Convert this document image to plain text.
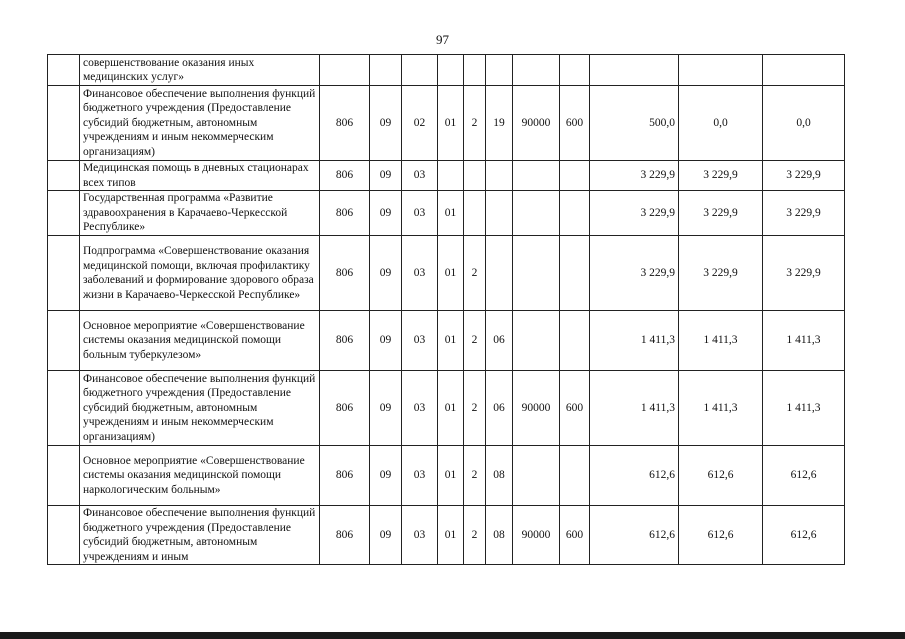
97
	совершенствование оказания иных медицинских услуг»											
	Финансовое обеспечение выполнения функций бюджетного учреждения (Предоставление субсидий бюджетным, автономным учреждениям и иным некоммерческим организациям)	806	09	02	01	2	19	90000	600	500,0	0,0	0,0
	Медицинская помощь в дневных стационарах всех типов	806	09	03						3 229,9	3 229,9	3 229,9
	Государственная программа «Развитие здравоохранения в Карачаево-Черкесской Республике»	806	09	03	01					3 229,9	3 229,9	3 229,9
	Подпрограмма «Совершенствование оказания медицинской помощи, включая профилактику заболеваний и формирование здорового образа жизни в Карачаево-Черкесской Республике»	806	09	03	01	2				3 229,9	3 229,9	3 229,9
	Основное мероприятие «Совершенствование системы оказания медицинской помощи больным туберкулезом»	806	09	03	01	2	06			1 411,3	1 411,3	1 411,3
	Финансовое обеспечение выполнения функций бюджетного учреждения (Предоставление субсидий бюджетным, автономным учреждениям и иным некоммерческим организациям)	806	09	03	01	2	06	90000	600	1 411,3	1 411,3	1 411,3
	Основное мероприятие «Совершенствование системы оказания медицинской помощи наркологическим больным»	806	09	03	01	2	08			612,6	612,6	612,6
	Финансовое обеспечение выполнения функций бюджетного учреждения (Предоставление субсидий бюджетным, автономным учреждениям и иным	806	09	03	01	2	08	90000	600	612,6	612,6	612,6
